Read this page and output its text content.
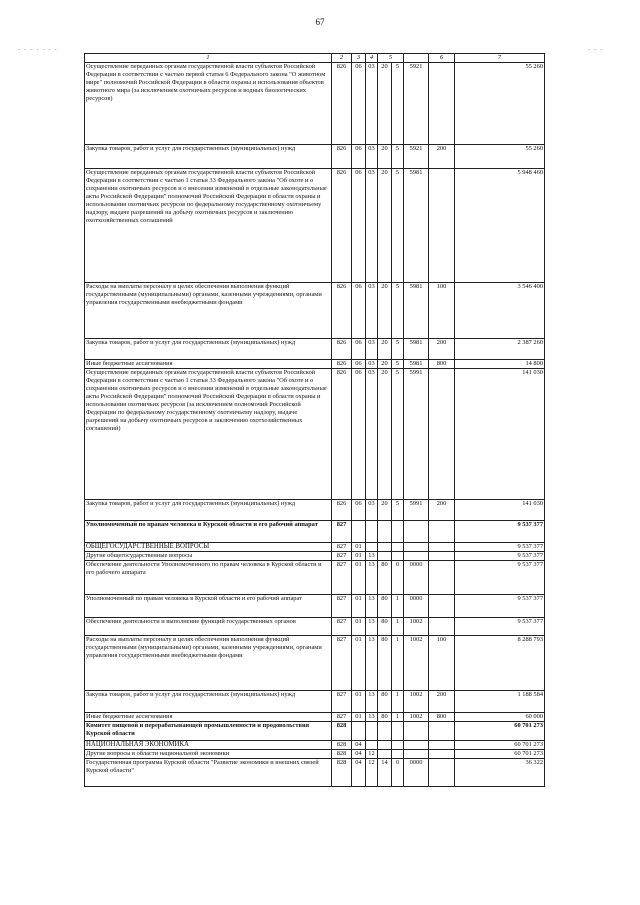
67
‑ ‑ ‑ ‑ ‑ ‑ ‑	‑ ‑ ‑
1	2	3	4	5			6	7
Осуществление переданных органам государственной власти субъектов Российской Федерации в соответствии с частью первой статьи 6 Федерального закона "О животном мире" полномочий Российской Федерации в области охраны и использования объектов животного мира (за исключением охотничьих ресурсов и водных биологических ресурсов)	826	06	03	20	5	5921		55 260
Закупка товаров, работ и услуг для государственных (муниципальных) нужд	826	06	03	20	5	5921	200	55 260
Осуществление переданных органам государственной власти субъектов Российской Федерации в соответствии с частью 1 статьи 33 Федерального закона "Об охоте и о сохранении охотничьих ресурсов и о внесении изменений в отдельные законодательные акты Российской Федерации" полномочий Российской Федерации в области охраны и использования охотничьих ресурсов по федеральному государственному охотничьему надзору, выдаче разрешений на добычу охотничьих ресурсов и заключению охотхозяйственных соглашений	826	06	03	20	5	5981		5 948 460
Расходы на выплаты персоналу в целях обеспечения выполнения функций государственными (муниципальными) органами, казенными учреждениями, органами управления государственными внебюджетными фондами	826	06	03	20	5	5981	100	3 546 400
Закупка товаров, работ и услуг для государственных (муниципальных) нужд	826	06	03	20	5	5981	200	2 387 260
Иные бюджетные ассигнования	826	06	03	20	5	5981	800	14 800
Осуществление переданных органам государственной власти субъектов Российской Федерации в соответствии с частью 1 статьи 33 Федерального закона "Об охоте и о сохранении охотничьих ресурсов и о внесении изменений в отдельные законодательные акты Российской Федерации" полномочий Российской Федерации в области охраны и использования охотничьих ресурсов (за исключением полномочий Российской Федерации по федеральному государственному охотничьему надзору, выдаче разрешений на добычу охотничьих ресурсов и заключению охотхозяйственных соглашений)	826	06	03	20	5	5991		141 030
Закупка товаров, работ и услуг для государственных (муниципальных) нужд	826	06	03	20	5	5991	200	141 030
Уполномоченный по правам человека в Курской области и его рабочий аппарат	827							9 537 377
ОБЩЕГОСУДАРСТВЕННЫЕ ВОПРОСЫ	827	01						9 537 377
Другие общегосударственные вопросы	827	01	13					9 537 377
Обеспечение деятельности Уполномоченного по правам человека в Курской области и его рабочего аппарата	827	01	13	80	0	0000		9 537 377
Уполномоченный по правам человека в Курской области и его рабочий аппарат	827	01	13	80	1	0000		9 537 377
Обеспечение деятельности и выполнение функций государственных органов	827	01	13	80	1	1002		9 537 377
Расходы на выплаты персоналу в целях обеспечения выполнения функций государственными (муниципальными) органами, казенными учреждениями, органами управления государственными внебюджетными фондами	827	01	13	80	1	1002	100	8 288 793
Закупка товаров, работ и услуг для государственных (муниципальных) нужд	827	01	13	80	1	1002	200	1 188 584
Иные бюджетные ассигнования	827	01	13	80	1	1002	800	60 000
Комитет пищевой и перерабатывающей промышленности и продовольствия Курской области	828							60 701 273
НАЦИОНАЛЬНАЯ ЭКОНОМИКА	828	04						60 701 273
Другие вопросы в области национальной экономики	828	04	12					60 701 273
Государственная программа Курской области "Развитие экономики и внешних связей Курской области"	828	04	12	14	0	0000		36 322
